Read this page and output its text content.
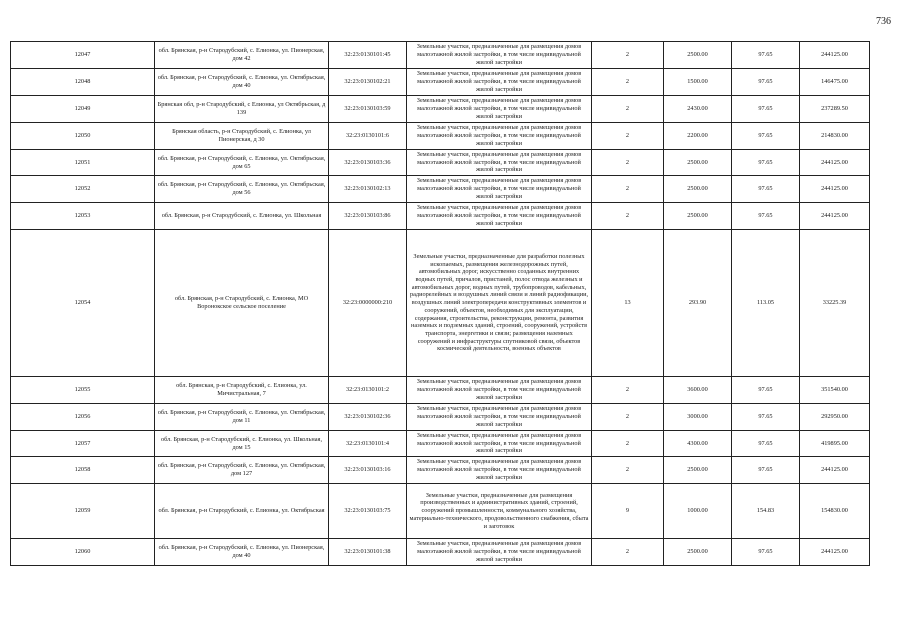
736
12047	обл. Брянская, р-н Стародубский, с. Елионка, ул. Пионерская, дом 42	32:23:0130101:45	Земельные участки, предназначенные для размещения домов малоэтажной жилой застройки, в том числе индивидуальной жилой застройки	2	2500.00	97.65	244125.00
12048	обл. Брянская, р-н Стародубский, с. Елионка, ул. Октябрьская, дом 40	32:23:0130102:21	Земельные участки, предназначенные для размещения домов малоэтажной жилой застройки, в том числе индивидуальной жилой застройки	2	1500.00	97.65	146475.00
12049	Брянская обл, р-н Стародубский, с Елионка, ул Октябрьская, д 139	32:23:0130103:59	Земельные участки, предназначенные для размещения домов малоэтажной жилой застройки, в том числе индивидуальной жилой застройки	2	2430.00	97.65	237289.50
12050	Брянская область, р-н Стародубский, с. Елионка, ул Пионерская, д 30	32:23:0130101:6	Земельные участки, предназначенные для размещения домов малоэтажной жилой застройки, в том числе индивидуальной жилой застройки	2	2200.00	97.65	214830.00
12051	обл. Брянская, р-н Стародубский, с. Елионка, ул. Октябрьская, дом 65	32:23:0130103:36	Земельные участки, предназначенные для размещения домов малоэтажной жилой застройки, в том числе индивидуальной жилой застройки	2	2500.00	97.65	244125.00
12052	обл. Брянская, р-н Стародубский, с. Елионка, ул. Октябрьская, дом 56	32:23:0130102:13	Земельные участки, предназначенные для размещения домов малоэтажной жилой застройки, в том числе индивидуальной жилой застройки	2	2500.00	97.65	244125.00
12053	обл. Брянская, р-н Стародубский, с. Елионка, ул. Школьная	32:23:0130103:86	Земельные участки, предназначенные для размещения домов малоэтажной жилой застройки, в том числе индивидуальной жилой застройки	2	2500.00	97.65	244125.00
12054	обл. Брянская, р-н Стародубский, с. Елионка, МО Воронокское сельское поселение	32:23:0000000:210	Земельные участки, предназначенные для разработки полезных ископаемых, размещения железнодорожных путей, автомобильных дорог, искусственно созданных внутренних водных путей, причалов, пристаней, полос отвода железных и автомобильных дорог, водных путей, трубопроводов, кабельных, радиорелейных и воздушных линий связи и линий радиофикации, воздушных линий электропередачи конструктивных элементов и сооружений, объектов, необходимых для эксплуатации, содержания, строительства, реконструкции, ремонта, развития наземных и подземных зданий, строений, сооружений, устройств транспорта, энергетики и связи; размещения наземных сооружений и инфраструктуры спутниковой связи, объектов космической деятельности, военных объектов	13	293.90	113.05	33225.39
12055	обл. Брянская, р-н Стародубский, с. Елионка, ул. Мичистральная, 7	32:23:0130101:2	Земельные участки, предназначенные для размещения домов малоэтажной жилой застройки, в том числе индивидуальной жилой застройки	2	3600.00	97.65	351540.00
12056	обл. Брянская, р-н Стародубский, с. Елионка, ул. Октябрьская, дом 11	32:23:0130102:36	Земельные участки, предназначенные для размещения домов малоэтажной жилой застройки, в том числе индивидуальной жилой застройки	2	3000.00	97.65	292950.00
12057	обл. Брянская, р-н Стародубский, с. Елионка, ул. Школьная, дом 15	32:23:0130101:4	Земельные участки, предназначенные для размещения домов малоэтажной жилой застройки, в том числе индивидуальной жилой застройки	2	4300.00	97.65	419895.00
12058	обл. Брянская, р-н Стародубский, с. Елионка, ул. Октябрьская, дом 127	32:23:0130103:16	Земельные участки, предназначенные для размещения домов малоэтажной жилой застройки, в том числе индивидуальной жилой застройки	2	2500.00	97.65	244125.00
12059	обл. Брянская, р-н Стародубский, с. Елионка, ул. Октябрьская	32:23:0130103:75	Земельные участки, предназначенные для размещения производственных и административных зданий, строений, сооружений промышленности, коммунального хозяйства, материально-технического, продовольственного снабжения, сбыта и заготовок	9	1000.00	154.83	154830.00
12060	обл. Брянская, р-н Стародубский, с. Елионка, ул. Пионерская, дом 40	32:23:0130101:38	Земельные участки, предназначенные для размещения домов малоэтажной жилой застройки, в том числе индивидуальной жилой застройки	2	2500.00	97.65	244125.00
